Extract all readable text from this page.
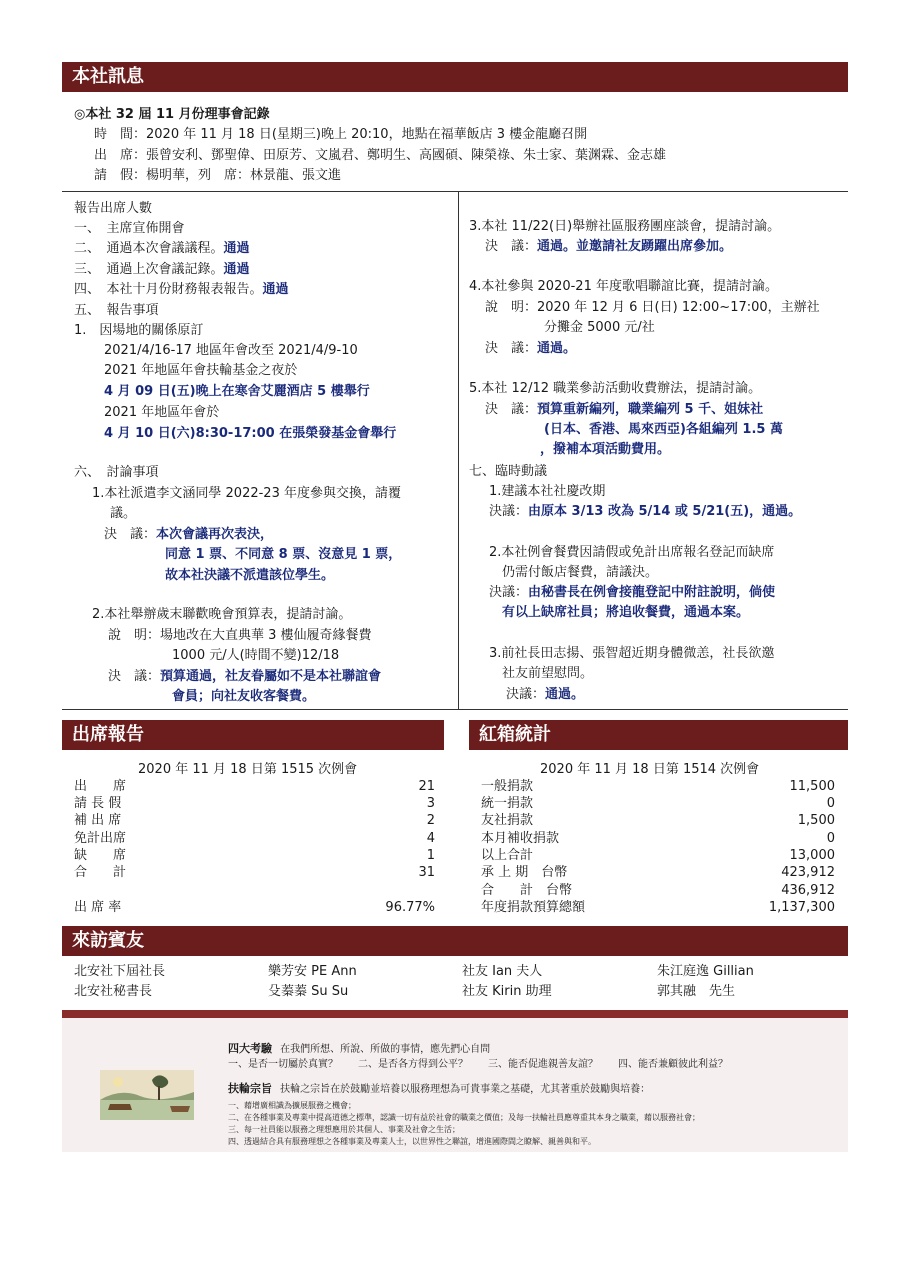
本社訊息
◎本社 32 屆 11 月份理事會記錄
時　間：2020 年 11 月 18 日(星期三)晚上 20:10，地點在福華飯店 3 樓金龍廳召開
出　席：張曾安利、鄧聖偉、田原芳、文嵐君、鄭明生、高國碩、陳榮祿、朱士家、葉渊霖、金志雄
請　假：楊明華，列　席：林景龍、張文進
報告出席人數
一、　主席宣佈開會
二、　通過本次會議議程。通過
三、　通過上次會議記錄。通過
四、　本社十月份財務報表報告。通過
五、　報告事項
1.　因場地的關係原訂
2021/4/16-17 地區年會改至 2021/4/9-10
2021 年地區年會扶輪基金之夜於
4 月 09 日(五)晚上在寒舍艾麗酒店 5 樓舉行
2021 年地區年會於
4 月 10 日(六)8:30-17:00 在張榮發基金會舉行
六、　討論事項
1.本社派遣李文涵同學 2022-23 年度參與交換，請覆
議。
決　議：本次會議再次表決，
同意 1 票、不同意 8 票、沒意見 1 票，
故本社決議不派遣該位學生。
2.本社舉辦歲末聯歡晚會預算表，提請討論。
說　明：場地改在大直典華 3 樓仙履奇緣餐費
1000 元/人(時間不變)12/18
決　議：預算通過，社友眷屬如不是本社聯誼會
會員；向社友收客餐費。
3.本社 11/22(日)舉辦社區服務團座談會，提請討論。
決　議：通過。並邀請社友踴躍出席參加。
4.本社參與 2020-21 年度歌唱聯誼比賽，提請討論。
說　明：2020 年 12 月 6 日(日) 12:00~17:00，主辦社
分攤金 5000 元/社
決　議：通過。
5.本社 12/12 職業參訪活動收費辦法，提請討論。
決　議：預算重新編列，職業編列 5 千、姐妹社
(日本、香港、馬來西亞)各組編列 1.5 萬
，撥補本項活動費用。
七、臨時動議
1.建議本社社慶改期
決議：由原本 3/13 改為 5/14 或 5/21(五)，通過。
2.本社例會餐費因請假或免計出席報名登記而缺席
仍需付飯店餐費，請議決。
決議：由秘書長在例會接龍登記中附註說明，倘使
有以上缺席社員；將追收餐費，通過本案。
3.前社長田志揚、張智超近期身體微恙，社長欲邀
社友前望慰問。
決議：通過。
出席報告
2020 年 11 月 18 日第 1515 次例會
出　　席	21
請 長 假	3
補 出 席	2
免計出席	4
缺　　席	1
合　　計	31
出 席 率	96.77%
紅箱統計
2020 年 11 月 18 日第 1514 次例會
一般捐款	11,500
統一捐款	0
友社捐款	1,500
本月補收捐款	0
以上合計	13,000
承 上 期　台幣	423,912
合　　計　台幣	436,912
年度捐款預算總額	1,137,300
來訪賓友
北安社下屆社長	樂芳安 PE Ann	社友 Ian 夫人	朱江庭逸 Gillian
北安社秘書長	殳蓁蓁 Su Su	社友 Kirin 助理	郭其融　先生
四大考驗 在我們所想、所說、所做的事情，應先捫心自問
一、是否一切屬於真實？　　二、是否各方得到公平？　　三、能否促進親善友誼？　　四、能否兼顧彼此利益？
扶輪宗旨 扶輪之宗旨在於鼓勵並培養以服務理想為可貴事業之基礎，尤其著重於鼓勵與培養：
一、藉增廣相識為擴展服務之機會；
二、在各種事業及專業中提高道德之標準，認識一切有益於社會的職業之價值；及每一扶輪社員應尊重其本身之職業，藉以服務社會；
三、每一社員能以服務之理想應用於其個人、事業及社會之生活；
四、透過結合具有服務理想之各種事業及專業人士，以世界性之聯誼，增進國際間之瞭解、親善與和平。
